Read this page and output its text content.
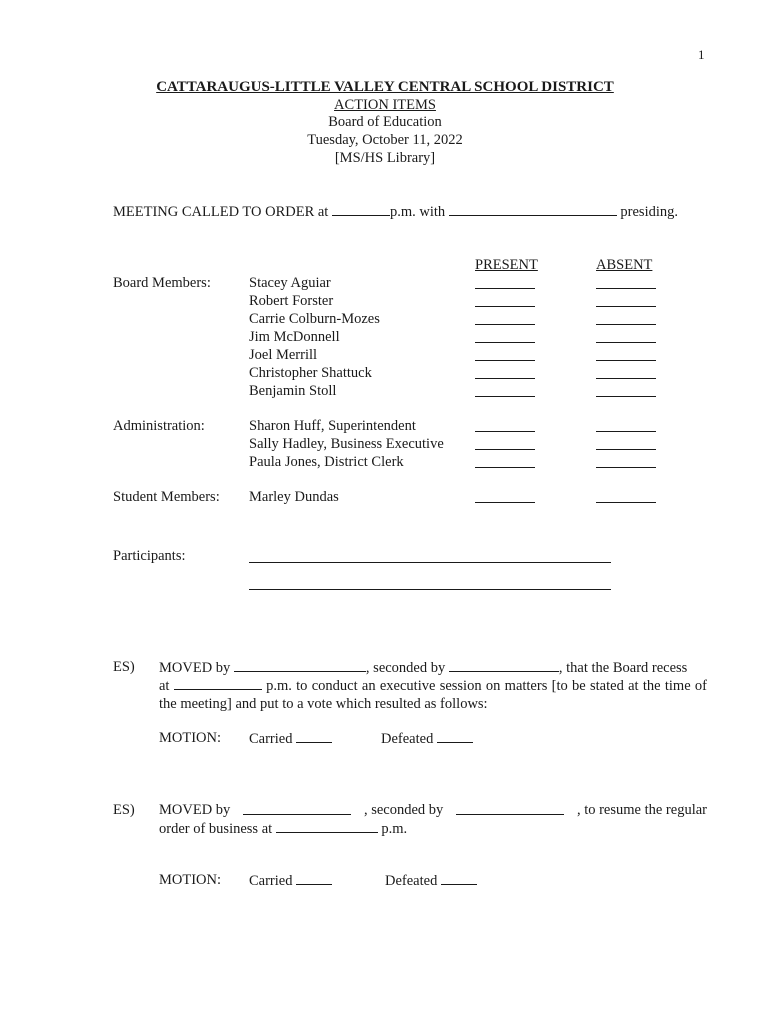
1
CATTARAUGUS-LITTLE VALLEY CENTRAL SCHOOL DISTRICT
ACTION ITEMS
Board of Education
Tuesday, October 11, 2022
[MS/HS Library]
MEETING CALLED TO ORDER at	p.m. with	presiding.
PRESENT	ABSENT
Board Members:	Stacey Aguiar
Robert Forster
Carrie Colburn-Mozes
Jim McDonnell
Joel Merrill
Christopher Shattuck
Benjamin Stoll
Administration:	Sharon Huff, Superintendent
Sally Hadley, Business Executive
Paula Jones, District Clerk
Student Members: Marley Dundas
Participants:
ES) MOVED by	, seconded by	, that the Board recess
at	p.m. to conduct an executive session on matters [to be stated at the time of the meeting] and put to a vote which resulted as follows:
MOTION: Carried	Defeated
ES) MOVED by	, seconded by	, to resume the regular
order of business at	p.m.
MOTION: Carried	Defeated
